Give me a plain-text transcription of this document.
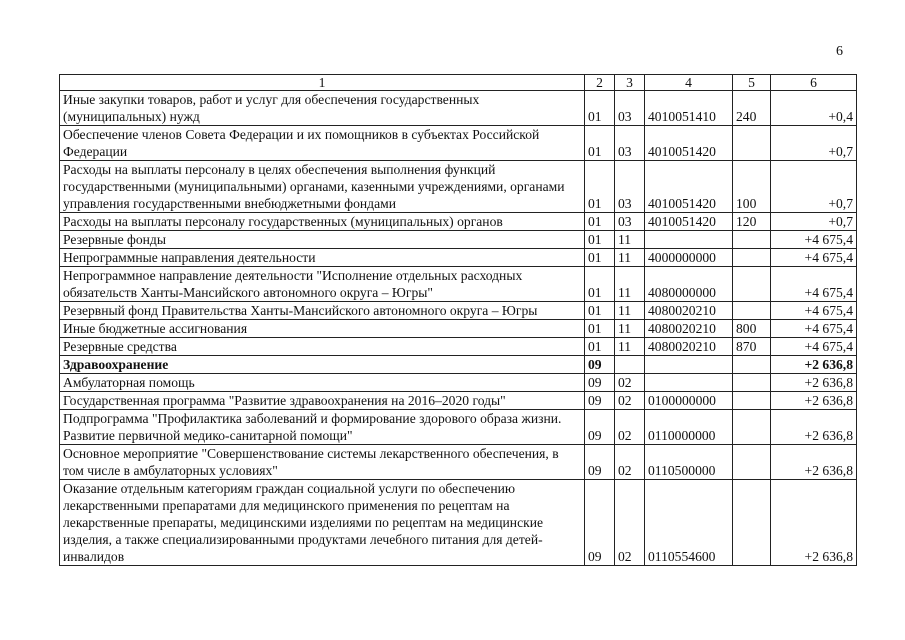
6
1	2	3	4	5	6
Иные закупки товаров, работ и услуг для обеспечения государственных (муниципальных) нужд	01	03	4010051410	240	+0,4
Обеспечение членов Совета Федерации и их помощников в субъектах Российской Федерации	01	03	4010051420		+0,7
Расходы на выплаты персоналу в целях обеспечения выполнения функций государственными (муниципальными) органами, казенными учреждениями, органами управления государственными внебюджетными фондами	01	03	4010051420	100	+0,7
Расходы на выплаты персоналу государственных (муниципальных) органов	01	03	4010051420	120	+0,7
Резервные фонды	01	11			+4 675,4
Непрограммные направления деятельности	01	11	4000000000		+4 675,4
Непрограммное направление деятельности "Исполнение отдельных расходных обязательств Ханты-Мансийского автономного округа – Югры"	01	11	4080000000		+4 675,4
Резервный фонд Правительства Ханты-Мансийского автономного округа – Югры	01	11	4080020210		+4 675,4
Иные бюджетные ассигнования	01	11	4080020210	800	+4 675,4
Резервные средства	01	11	4080020210	870	+4 675,4
Здравоохранение	09				+2 636,8
Амбулаторная помощь	09	02			+2 636,8
Государственная программа "Развитие здравоохранения на 2016–2020 годы"	09	02	0100000000		+2 636,8
Подпрограмма "Профилактика заболеваний и формирование здорового образа жизни. Развитие первичной медико-санитарной помощи"	09	02	0110000000		+2 636,8
Основное мероприятие "Совершенствование системы лекарственного обеспечения, в том числе в амбулаторных условиях"	09	02	0110500000		+2 636,8
Оказание отдельным категориям граждан социальной услуги по обеспечению лекарственными препаратами для медицинского применения по рецептам на лекарственные препараты, медицинскими изделиями по рецептам на медицинские изделия, а также специализированными продуктами лечебного питания для детей-инвалидов	09	02	0110554600		+2 636,8
